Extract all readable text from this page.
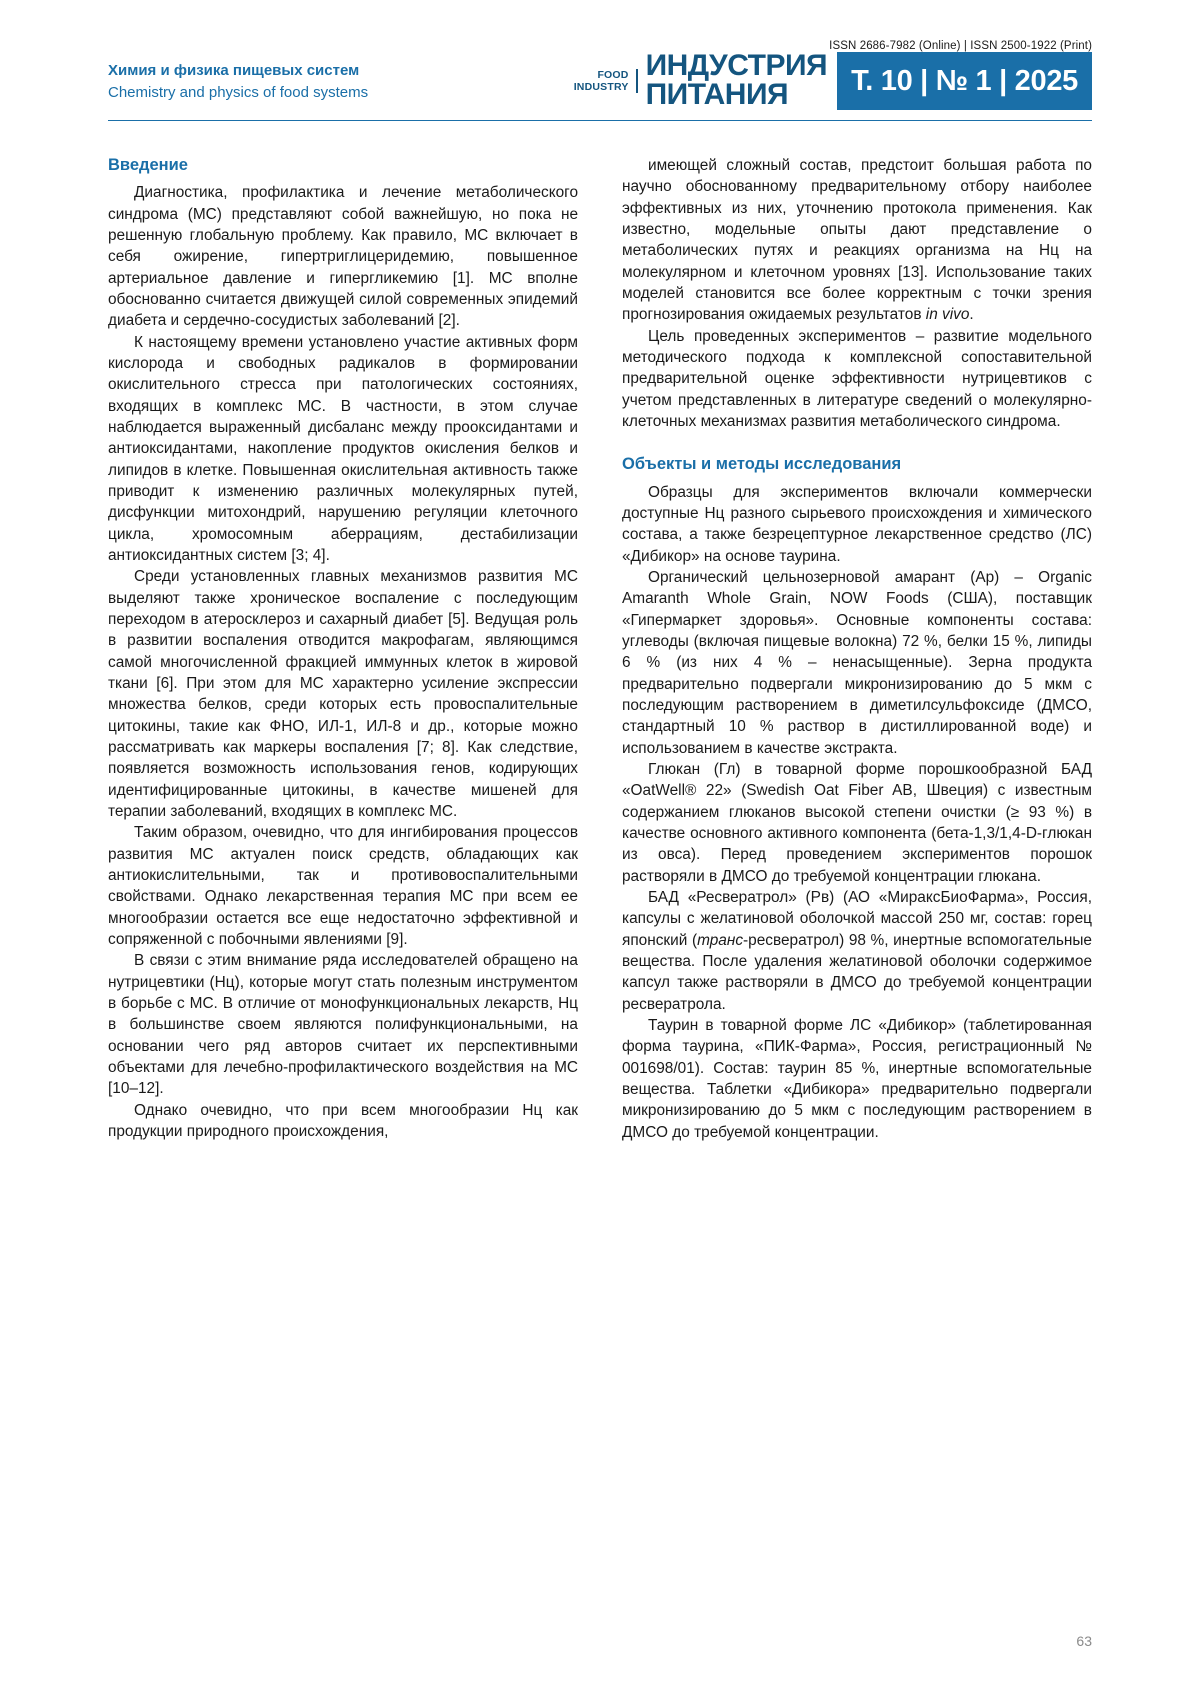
ISSN 2686-7982 (Online) | ISSN 2500-1922 (Print)
Химия и физика пищевых систем
Chemistry and physics of food systems
FOOD
INDUSTRY
ИНДУСТРИЯ
ПИТАНИЯ	Т. 10 | № 1 | 2025
Введение

Диагностика, профилактика и лечение метаболического синдрома (МС) представляют собой важнейшую, но пока не решенную глобальную проблему. Как правило, МС включает в себя ожирение, гипертриглицеридемию, повышенное артериальное давление и гипергликемию [1]. МС вполне обоснованно считается движущей силой современных эпидемий диабета и сердечно-сосудистых заболеваний [2].

К настоящему времени установлено участие активных форм кислорода и свободных радикалов в формировании окислительного стресса при патологических состояниях, входящих в комплекс МС. В частности, в этом случае наблюдается выраженный дисбаланс между прооксидантами и антиоксидантами, накопление продуктов окисления белков и липидов в клетке. Повышенная окислительная активность также приводит к изменению различных молекулярных путей, дисфункции митохондрий, нарушению регуляции клеточного цикла, хромосомным аберрациям, дестабилизации антиоксидантных систем [3; 4].

Среди установленных главных механизмов развития МС выделяют также хроническое воспаление с последующим переходом в атеросклероз и сахарный диабет [5]. Ведущая роль в развитии воспаления отводится макрофагам, являющимся самой многочисленной фракцией иммунных клеток в жировой ткани [6]. При этом для МС характерно усиление экспрессии множества белков, среди которых есть провоспалительные цитокины, такие как ФНО, ИЛ-1, ИЛ-8 и др., которые можно рассматривать как маркеры воспаления [7; 8]. Как следствие, появляется возможность использования генов, кодирующих идентифицированные цитокины, в качестве мишеней для терапии заболеваний, входящих в комплекс МС.

Таким образом, очевидно, что для ингибирования процессов развития МС актуален поиск средств, обладающих как антиокислительными, так и противовоспалительными свойствами. Однако лекарственная терапия МС при всем ее многообразии остается все еще недостаточно эффективной и сопряженной с побочными явлениями [9].

В связи с этим внимание ряда исследователей обращено на нутрицевтики (Нц), которые могут стать полезным инструментом в борьбе с МС. В отличие от монофункциональных лекарств, Нц в большинстве своем являются полифункциональными, на основании чего ряд авторов считает их перспективными объектами для лечебно-профилактического воздействия на МС [10–12].

Однако очевидно, что при всем многообразии Нц как продукции природного происхождения,

имеющей сложный состав, предстоит большая работа по научно обоснованному предварительному отбору наиболее эффективных из них, уточнению протокола применения. Как известно, модельные опыты дают представление о метаболических путях и реакциях организма на Нц на молекулярном и клеточном уровнях [13]. Использование таких моделей становится все более корректным с точки зрения прогнозирования ожидаемых результатов in vivo.

Цель проведенных экспериментов – развитие модельного методического подхода к комплексной сопоставительной предварительной оценке эффективности нутрицевтиков с учетом представленных в литературе сведений о молекулярно-клеточных механизмах развития метаболического синдрома.

Объекты и методы исследования

Образцы для экспериментов включали коммерчески доступные Нц разного сырьевого происхождения и химического состава, а также безрецептурное лекарственное средство (ЛС) «Дибикор» на основе таурина.

Органический цельнозерновой амарант (Ар) – Organic Amaranth Whole Grain, NOW Foods (США), поставщик «Гипермаркет здоровья». Основные компоненты состава: углеводы (включая пищевые волокна) 72 %, белки 15 %, липиды 6 % (из них 4 % – ненасыщенные). Зерна продукта предварительно подвергали микронизированию до 5 мкм с последующим растворением в диметилсульфоксиде (ДМСО, стандартный 10 % раствор в дистиллированной воде) и использованием в качестве экстракта.

Глюкан (Гл) в товарной форме порошкообразной БАД «OatWell® 22» (Swedish Oat Fiber AB, Швеция) с известным содержанием глюканов высокой степени очистки (≥ 93 %) в качестве основного активного компонента (бета-1,3/1,4-D-глюкан из овса). Перед проведением экспериментов порошок растворяли в ДМСО до требуемой концентрации глюкана.

БАД «Ресвератрол» (Рв) (АО «МираксБиоФарма», Россия, капсулы с желатиновой оболочкой массой 250 мг, состав: горец японский (транс-ресвератрол) 98 %, инертные вспомогательные вещества. После удаления желатиновой оболочки содержимое капсул также растворяли в ДМСО до требуемой концентрации ресвератрола.

Таурин в товарной форме ЛС «Дибикор» (таблетированная форма таурина, «ПИК-Фарма», Россия, регистрационный № 001698/01). Состав: таурин 85 %, инертные вспомогательные вещества. Таблетки «Дибикора» предварительно подвергали микронизированию до 5 мкм с последующим растворением в ДМСО до требуемой концентрации.

63
